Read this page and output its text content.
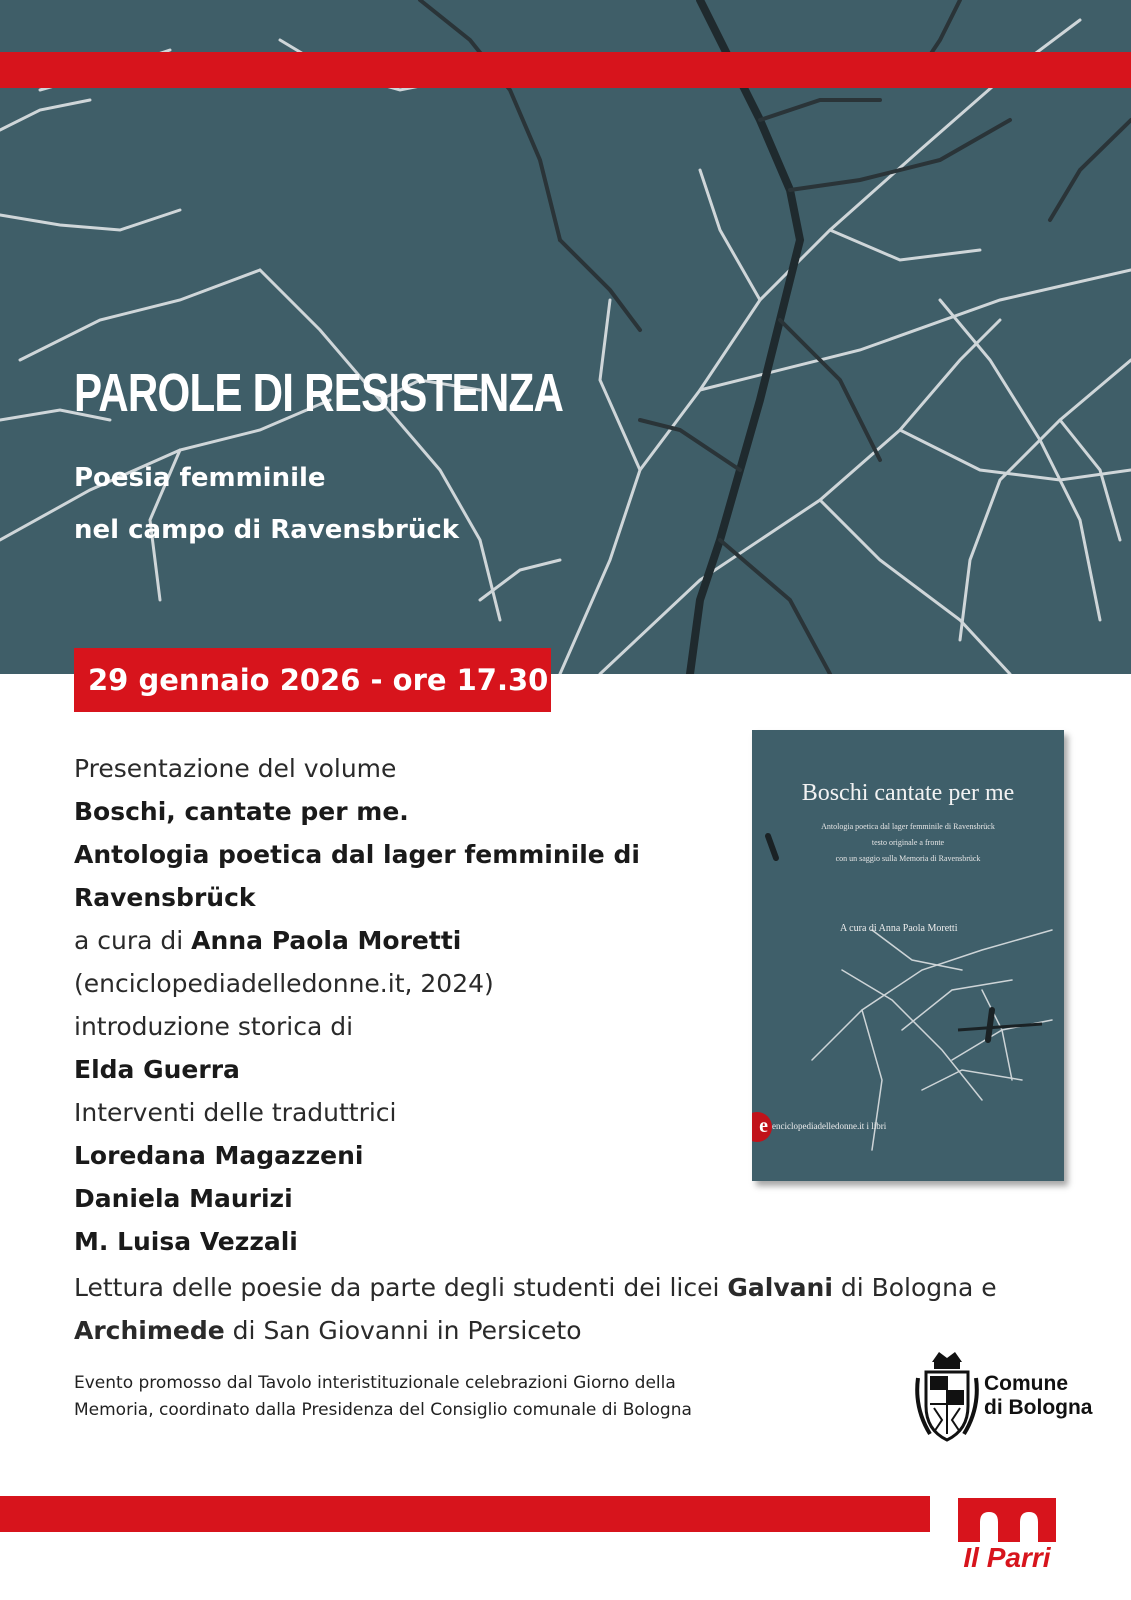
PAROLE DI RESISTENZA
Poesia femminile
nel campo di Ravensbrück
29 gennaio 2026 - ore 17.30
Presentazione del volume
Boschi, cantate per me.
Antologia poetica dal lager femminile di
Ravensbrück
a cura di Anna Paola Moretti
(enciclopediadelledonne.it, 2024)
introduzione storica di
Elda Guerra
Interventi delle traduttrici
Loredana Magazzeni
Daniela Maurizi
M. Luisa Vezzali
Lettura delle poesie da parte degli studenti dei licei Galvani di Bologna e
Archimede di San Giovanni in Persiceto
Evento promosso dal Tavolo interistituzionale celebrazioni Giorno della
Memoria, coordinato dalla Presidenza del Consiglio comunale di Bologna
Boschi cantate per me
Antologia poetica dal lager femminile di Ravensbrück
testo originale a fronte
con un saggio sulla Memoria di Ravensbrück
A cura di Anna Paola Moretti
e enciclopediadelledonne.it i libri
Comune
di Bologna
Il Parri
